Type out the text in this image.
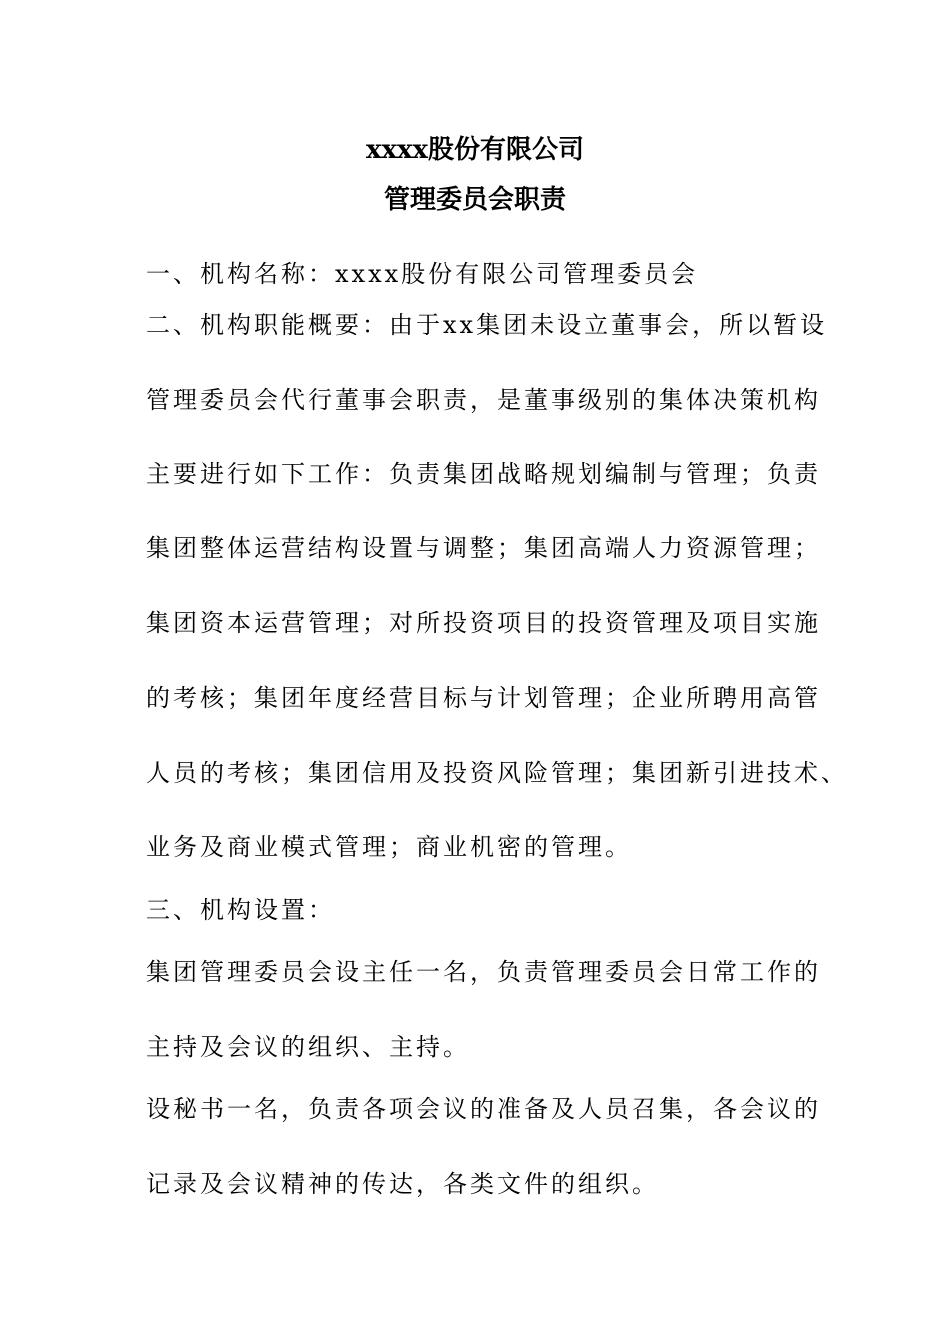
xxxx股份有限公司
管理委员会职责
一、机构名称：xxxx股份有限公司管理委员会
二、机构职能概要：由于xx集团未设立董事会，所以暂设
管理委员会代行董事会职责，是董事级别的集体决策机构
主要进行如下工作：负责集团战略规划编制与管理；负责
集团整体运营结构设置与调整；集团高端人力资源管理；
集团资本运营管理；对所投资项目的投资管理及项目实施
的考核；集团年度经营目标与计划管理；企业所聘用高管
人员的考核；集团信用及投资风险管理；集团新引进技术、
业务及商业模式管理；商业机密的管理。
三、机构设置：
集团管理委员会设主任一名，负责管理委员会日常工作的
主持及会议的组织、主持。
设秘书一名，负责各项会议的准备及人员召集，各会议的
记录及会议精神的传达，各类文件的组织。
